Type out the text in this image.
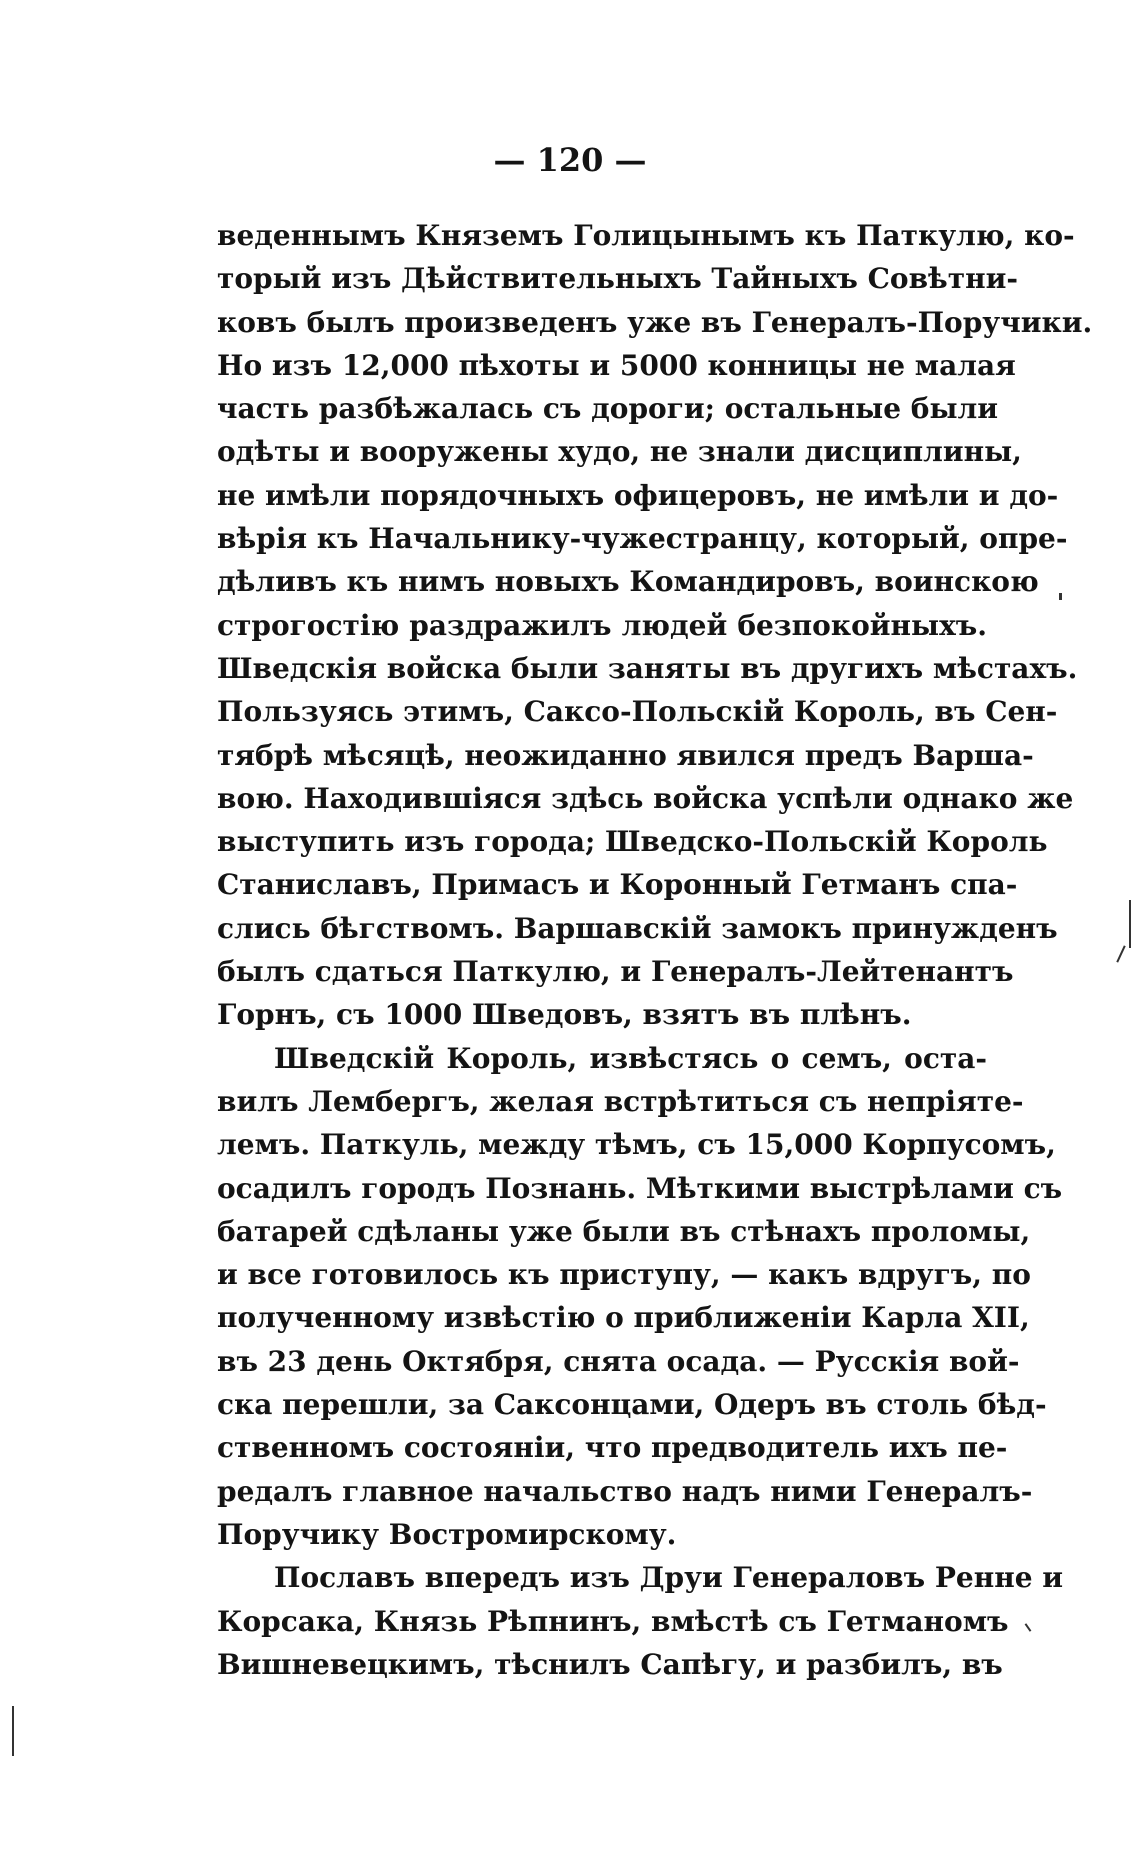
— 120 —
веденнымъ Княземъ Голицынымъ къ Паткулю, ко-
торый изъ Дѣйствительныхъ Тайныхъ Совѣтни-
ковъ былъ произведенъ уже въ Генералъ-Поручики.
Но изъ 12,000 пѣхоты и 5000 конницы не малая
часть разбѣжалась съ дороги; остальные были
одѣты и вооружены худо, не знали дисциплины,
не имѣли порядочныхъ офицеровъ, не имѣли и до-
вѣрія къ Начальнику-чужестранцу, который, опре-
дѣливъ къ нимъ новыхъ Командировъ, воинскою
строгостію раздражилъ людей безпокойныхъ.
Шведскія войска были заняты въ другихъ мѣстахъ.
Пользуясь этимъ, Саксо-Польскій Король, въ Сен-
тябрѣ мѣсяцѣ, неожиданно явился предъ Варша-
вою. Находившіяся здѣсь войска успѣли однако же
выступить изъ города; Шведско-Польскій Король
Станиславъ, Примасъ и Коронный Гетманъ спа-
слись бѣгствомъ. Варшавскій замокъ принужденъ
былъ сдаться Паткулю, и Генералъ-Лейтенантъ
Горнъ, съ 1000 Шведовъ, взятъ въ плѣнъ.
Шведскій Король, извѣстясь о семъ, оста-
вилъ Лембергъ, желая встрѣтиться съ непріяте-
лемъ. Паткуль, между тѣмъ, съ 15,000 Корпусомъ,
осадилъ городъ Познань. Мѣткими выстрѣлами съ
батарей сдѣланы уже были въ стѣнахъ проломы,
и все готовилось къ приступу, — какъ вдругъ, по
полученному извѣстію о приближеніи Карла XII,
въ 23 день Октября, снята осада. — Русскія вой-
ска перешли, за Саксонцами, Одеръ въ столь бѣд-
ственномъ состояніи, что предводитель ихъ пе-
редалъ главное начальство надъ ними Генералъ-
Поручику Востромирскому.
Пославъ впередъ изъ Друи Генераловъ Ренне и
Корсака, Князь Рѣпнинъ, вмѣстѣ съ Гетманомъ
Вишневецкимъ, тѣснилъ Сапѣгу, и разбилъ, въ
